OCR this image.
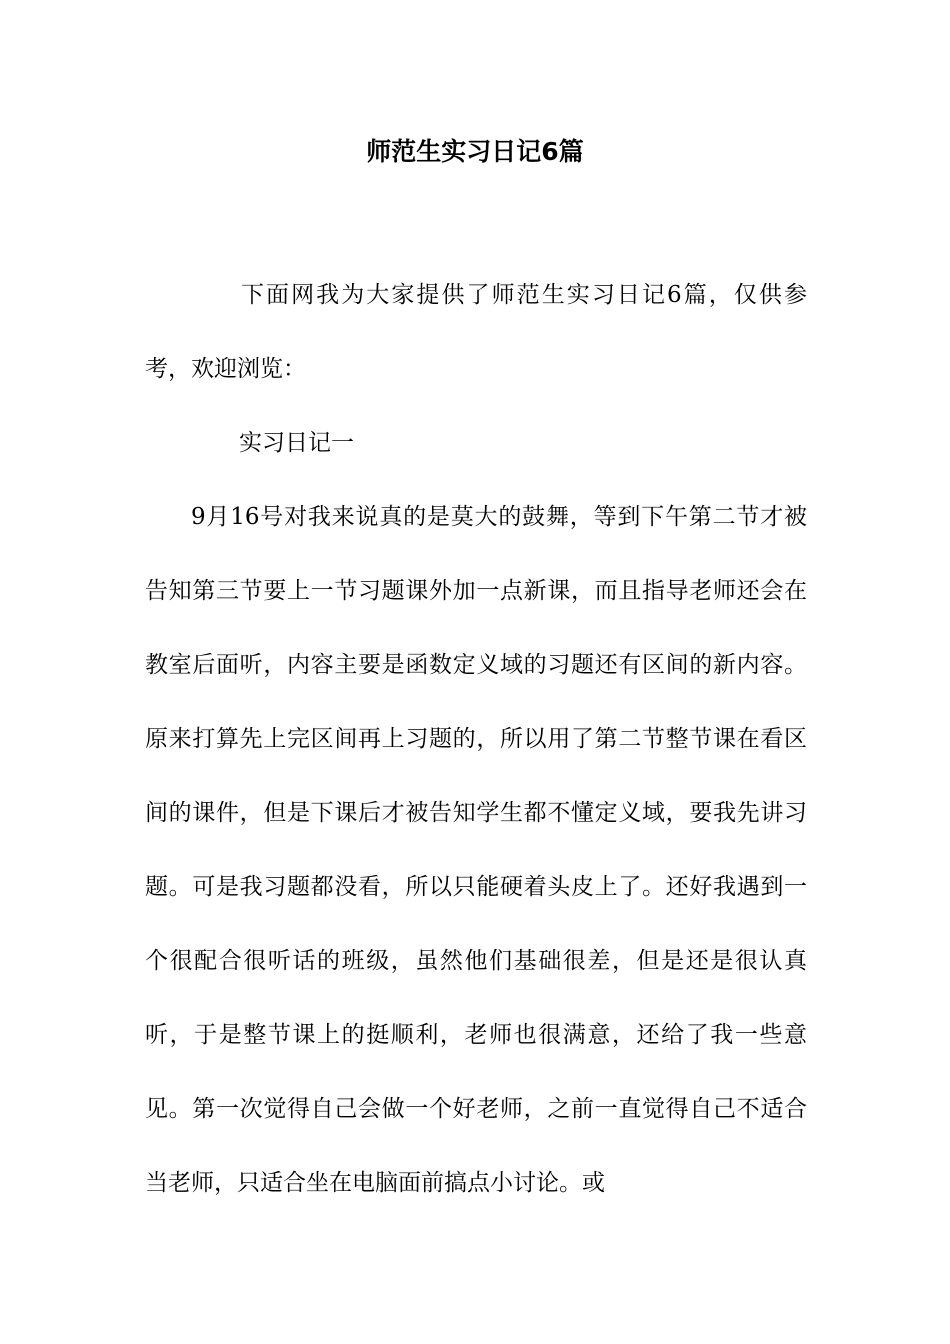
师范生实习日记6篇

下面网我为大家提供了师范生实习日记6篇，仅供参考，欢迎浏览：

实习日记一

9月16号对我来说真的是莫大的鼓舞，等到下午第二节才被告知第三节要上一节习题课外加一点新课，而且指导老师还会在教室后面听，内容主要是函数定义域的习题还有区间的新内容。原来打算先上完区间再上习题的，所以用了第二节整节课在看区间的课件，但是下课后才被告知学生都不懂定义域，要我先讲习题。可是我习题都没看，所以只能硬着头皮上了。还好我遇到一个很配合很听话的班级，虽然他们基础很差，但是还是很认真听，于是整节课上的挺顺利，老师也很满意，还给了我一些意见。第一次觉得自己会做一个好老师，之前一直觉得自己不适合当老师，只适合坐在电脑面前搞点小讨论。或
